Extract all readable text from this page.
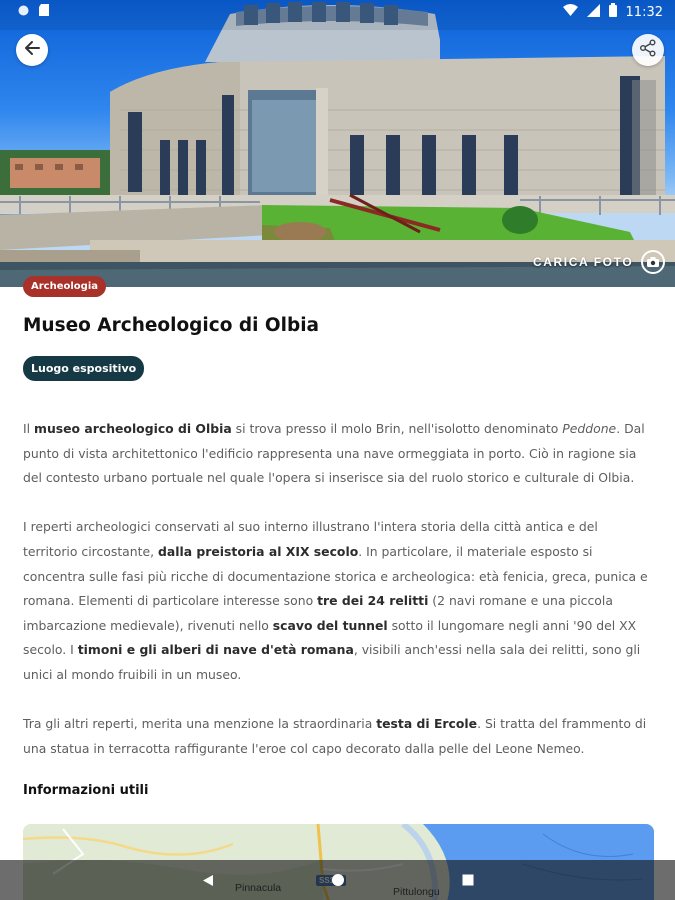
11:32
CARICA FOTO
Archeologia
Museo Archeologico di Olbia
Luogo espositivo

Il museo archeologico di Olbia si trova presso il molo Brin, nell'isolotto denominato Peddone. Dal punto di vista architettonico l'edificio rappresenta una nave ormeggiata in porto. Ciò in ragione sia del contesto urbano portuale nel quale l'opera si inserisce sia del ruolo storico e culturale di Olbia.

I reperti archeologici conservati al suo interno illustrano l'intera storia della città antica e del territorio circostante, dalla preistoria al XIX secolo. In particolare, il materiale esposto si concentra sulle fasi più ricche di documentazione storica e archeologica: età fenicia, greca, punica e romana. Elementi di particolare interesse sono tre dei 24 relitti (2 navi romane e una piccola imbarcazione medievale), rivenuti nello scavo del tunnel sotto il lungomare negli anni '90 del XX secolo. I timoni e gli alberi di nave d'età romana, visibili anch'essi nella sala dei relitti, sono gli unici al mondo fruibili in un museo.

Tra gli altri reperti, merita una menzione la straordinaria testa di Ercole. Si tratta del frammento di una statua in terracotta raffigurante l'eroe col capo decorato dalla pelle del Leone Nemeo.

Informazioni utili
